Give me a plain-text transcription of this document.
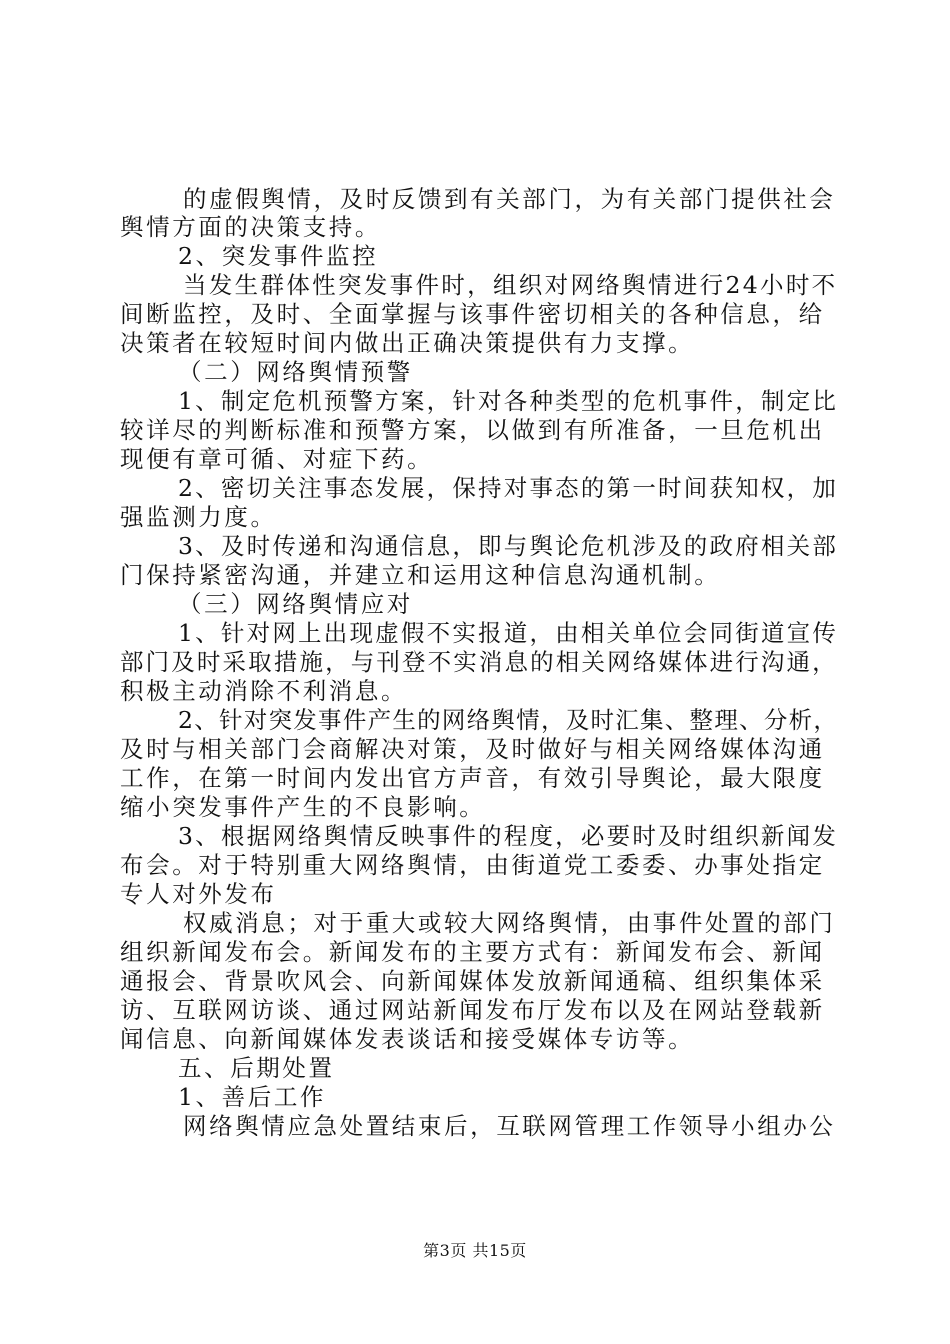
的虚假舆情，及时反馈到有关部门，为有关部门提供社会
舆情方面的决策支持。
2、突发事件监控
当发生群体性突发事件时，组织对网络舆情进行24小时不
间断监控，及时、全面掌握与该事件密切相关的各种信息，给
决策者在较短时间内做出正确决策提供有力支撑。
（二）网络舆情预警
1、制定危机预警方案，针对各种类型的危机事件，制定比
较详尽的判断标准和预警方案，以做到有所准备，一旦危机出
现便有章可循、对症下药。
2、密切关注事态发展，保持对事态的第一时间获知权，加
强监测力度。
3、及时传递和沟通信息，即与舆论危机涉及的政府相关部
门保持紧密沟通，并建立和运用这种信息沟通机制。
（三）网络舆情应对
1、针对网上出现虚假不实报道，由相关单位会同街道宣传
部门及时采取措施，与刊登不实消息的相关网络媒体进行沟通，
积极主动消除不利消息。
2、针对突发事件产生的网络舆情，及时汇集、整理、分析，
及时与相关部门会商解决对策，及时做好与相关网络媒体沟通
工作，在第一时间内发出官方声音，有效引导舆论，最大限度
缩小突发事件产生的不良影响。
3、根据网络舆情反映事件的程度，必要时及时组织新闻发
布会。对于特别重大网络舆情，由街道党工委委、办事处指定
专人对外发布
权威消息；对于重大或较大网络舆情，由事件处置的部门
组织新闻发布会。新闻发布的主要方式有：新闻发布会、新闻
通报会、背景吹风会、向新闻媒体发放新闻通稿、组织集体采
访、互联网访谈、通过网站新闻发布厅发布以及在网站登载新
闻信息、向新闻媒体发表谈话和接受媒体专访等。
五、后期处置
1、善后工作
网络舆情应急处置结束后，互联网管理工作领导小组办公
第3页 共15页
